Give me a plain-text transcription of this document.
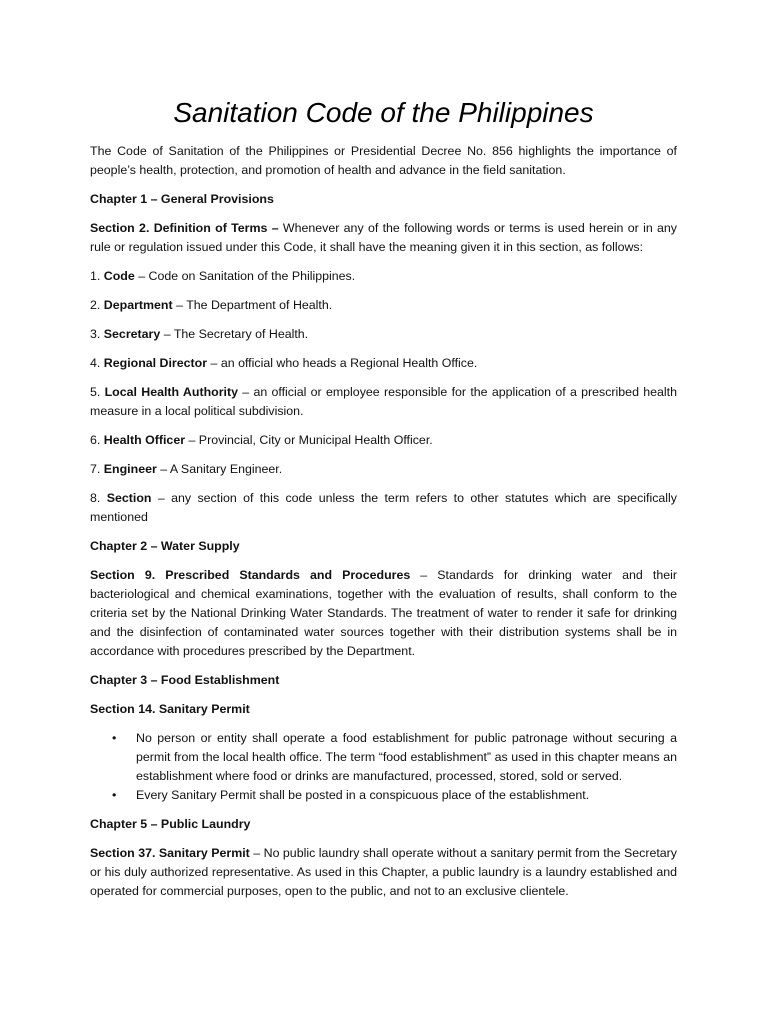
Sanitation Code of the Philippines

The Code of Sanitation of the Philippines or Presidential Decree No. 856 highlights the importance of people’s health, protection, and promotion of health and advance in the field sanitation.

Chapter 1 – General Provisions

Section 2. Definition of Terms – Whenever any of the following words or terms is used herein or in any rule or regulation issued under this Code, it shall have the meaning given it in this section, as follows:

1. Code – Code on Sanitation of the Philippines.

2. Department – The Department of Health.

3. Secretary – The Secretary of Health.

4. Regional Director – an official who heads a Regional Health Office.

5. Local Health Authority – an official or employee responsible for the application of a prescribed health measure in a local political subdivision.

6. Health Officer – Provincial, City or Municipal Health Officer.

7. Engineer – A Sanitary Engineer.

8. Section – any section of this code unless the term refers to other statutes which are specifically mentioned

Chapter 2 – Water Supply

Section 9. Prescribed Standards and Procedures – Standards for drinking water and their bacteriological and chemical examinations, together with the evaluation of results, shall conform to the criteria set by the National Drinking Water Standards. The treatment of water to render it safe for drinking and the disinfection of contaminated water sources together with their distribution systems shall be in accordance with procedures prescribed by the Department.

Chapter 3 – Food Establishment
Section 14. Sanitary Permit
• No person or entity shall operate a food establishment for public patronage without securing a permit from the local health office. The term “food establishment” as used in this chapter means an establishment where food or drinks are manufactured, processed, stored, sold or served.
• Every Sanitary Permit shall be posted in a conspicuous place of the establishment.
Chapter 5 – Public Laundry

Section 37. Sanitary Permit – No public laundry shall operate without a sanitary permit from the Secretary or his duly authorized representative. As used in this Chapter, a public laundry is a laundry established and operated for commercial purposes, open to the public, and not to an exclusive clientele.
